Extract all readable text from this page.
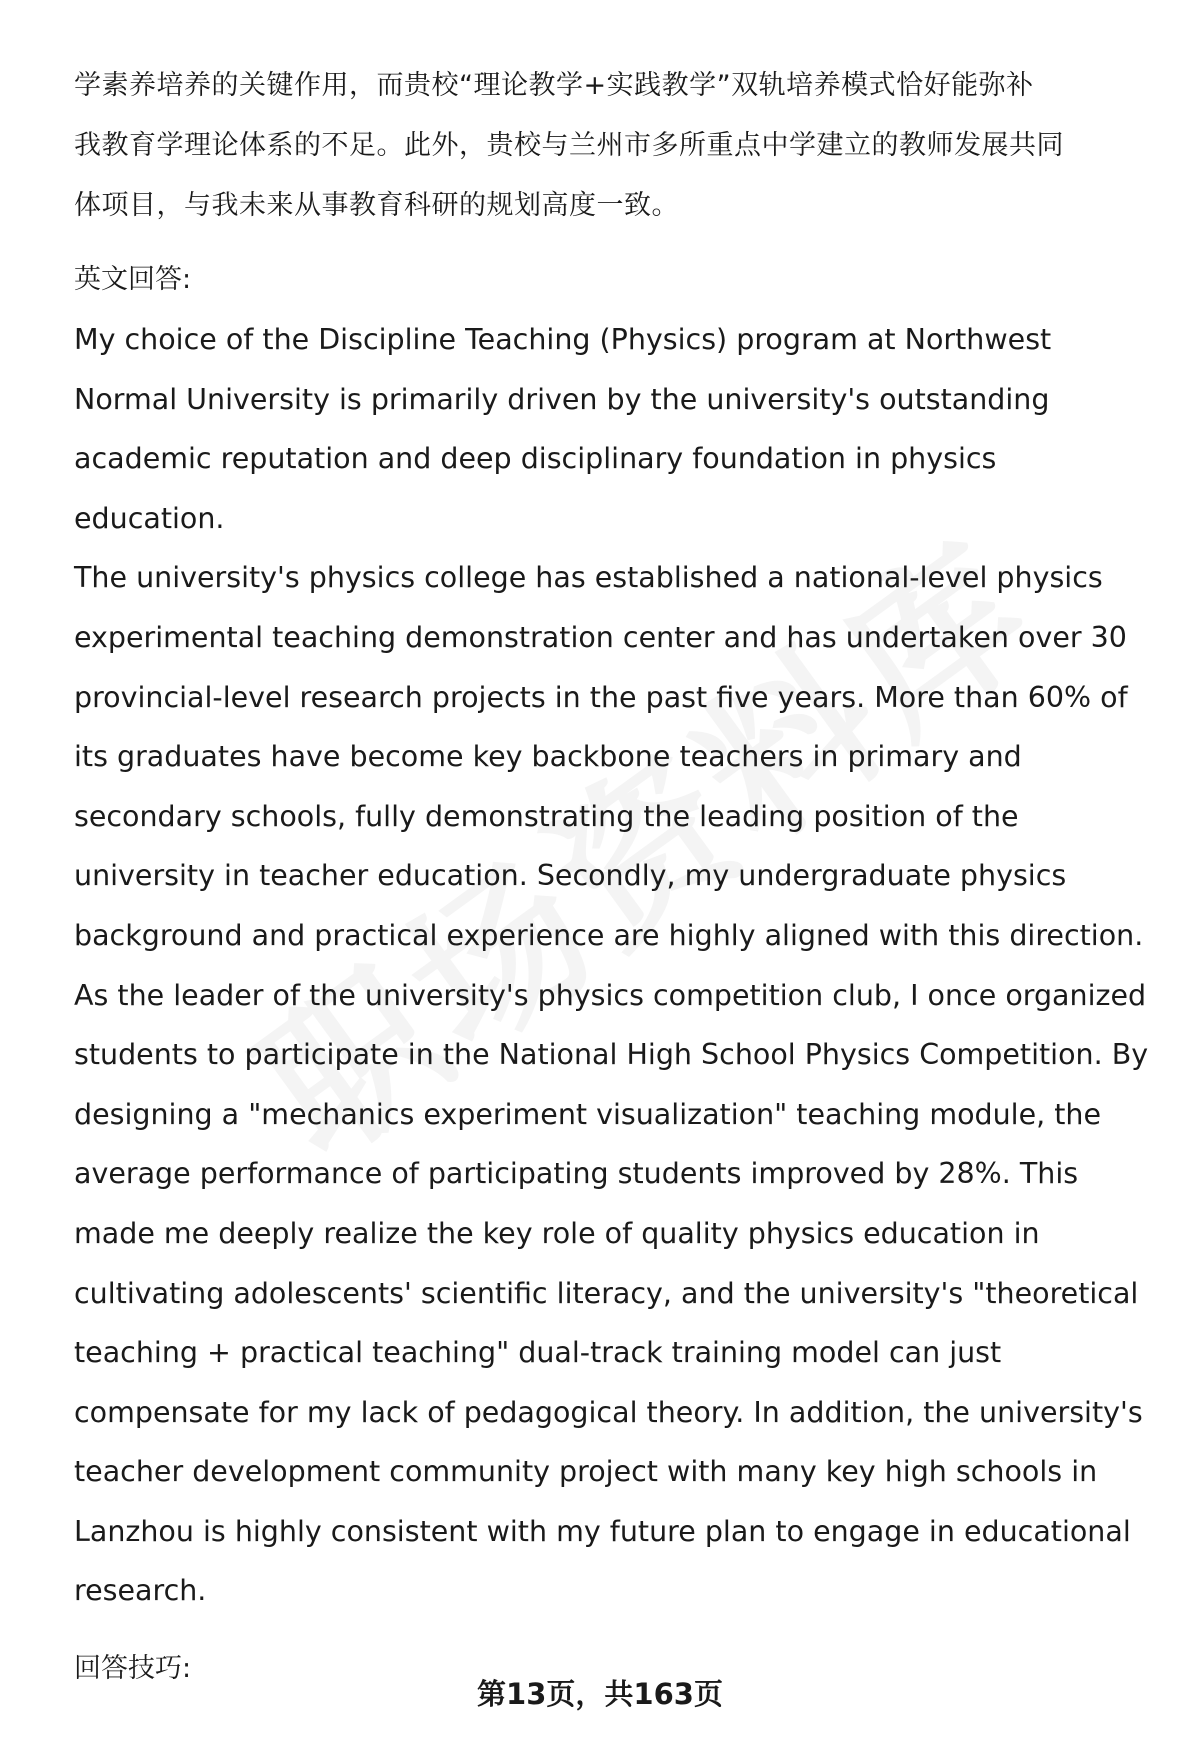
学素养培养的关键作用，而贵校“理论教学+实践教学”双轨培养模式恰好能弥补
我教育学理论体系的不足。此外，贵校与兰州市多所重点中学建立的教师发展共同
体项目，与我未来从事教育科研的规划高度一致。

英文回答:

My choice of the Discipline Teaching (Physics) program at Northwest
Normal University is primarily driven by the university's outstanding
academic reputation and deep disciplinary foundation in physics education.
The university's physics college has established a national-level physics
experimental teaching demonstration center and has undertaken over 30
provincial-level research projects in the past five years. More than 60% of
its graduates have become key backbone teachers in primary and
secondary schools, fully demonstrating the leading position of the
university in teacher education. Secondly, my undergraduate physics
background and practical experience are highly aligned with this direction.
As the leader of the university's physics competition club, I once organized
students to participate in the National High School Physics Competition. By
designing a "mechanics experiment visualization" teaching module, the
average performance of participating students improved by 28%. This
made me deeply realize the key role of quality physics education in
cultivating adolescents' scientific literacy, and the university's "theoretical
teaching + practical teaching" dual-track training model can just
compensate for my lack of pedagogical theory. In addition, the university's
teacher development community project with many key high schools in
Lanzhou is highly consistent with my future plan to engage in educational
research.

回答技巧:

第13页，共163页
